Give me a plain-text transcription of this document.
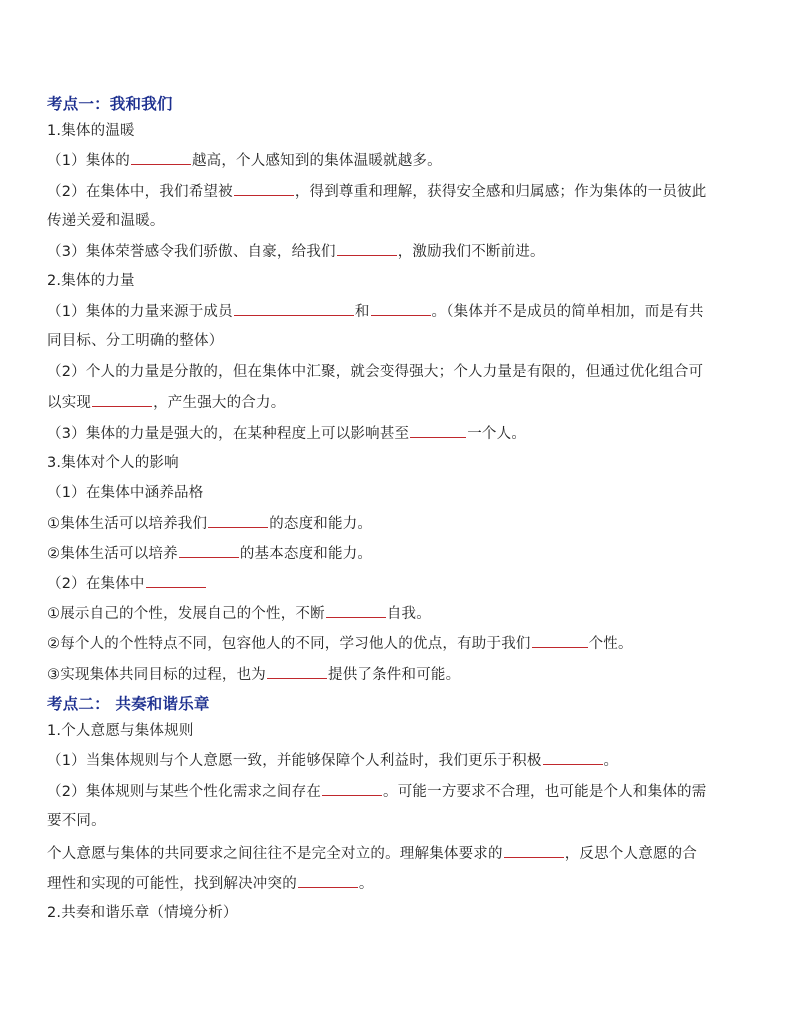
考点一：我和我们
1.集体的温暖
（1）集体的	越高，个人感知到的集体温暖就越多。
（2）在集体中，我们希望被	，得到尊重和理解，获得安全感和归属感；作为集体的一员彼此
传递关爱和温暖。
（3）集体荣誉感令我们骄傲、自豪，给我们	，激励我们不断前进。
2.集体的力量
（1）集体的力量来源于成员	和	。（集体并不是成员的简单相加，而是有共
同目标、分工明确的整体）
（2）个人的力量是分散的，但在集体中汇聚，就会变得强大；个人力量是有限的，但通过优化组合可
以实现	，产生强大的合力。
（3）集体的力量是强大的，在某种程度上可以影响甚至	一个人。
3.集体对个人的影响
（1）在集体中涵养品格
①集体生活可以培养我们	的态度和能力。
②集体生活可以培养	的基本态度和能力。
（2）在集体中
①展示自己的个性，发展自己的个性，不断	自我。
②每个人的个性特点不同，包容他人的不同，学习他人的优点，有助于我们	个性。
③实现集体共同目标的过程，也为	提供了条件和可能。
考点二： 共奏和谐乐章
1.个人意愿与集体规则
（1）当集体规则与个人意愿一致，并能够保障个人利益时，我们更乐于积极	。
（2）集体规则与某些个性化需求之间存在	。可能一方要求不合理，也可能是个人和集体的需
要不同。
个人意愿与集体的共同要求之间往往不是完全对立的。理解集体要求的	，反思个人意愿的合
理性和实现的可能性，找到解决冲突的	。
2.共奏和谐乐章（情境分析）
